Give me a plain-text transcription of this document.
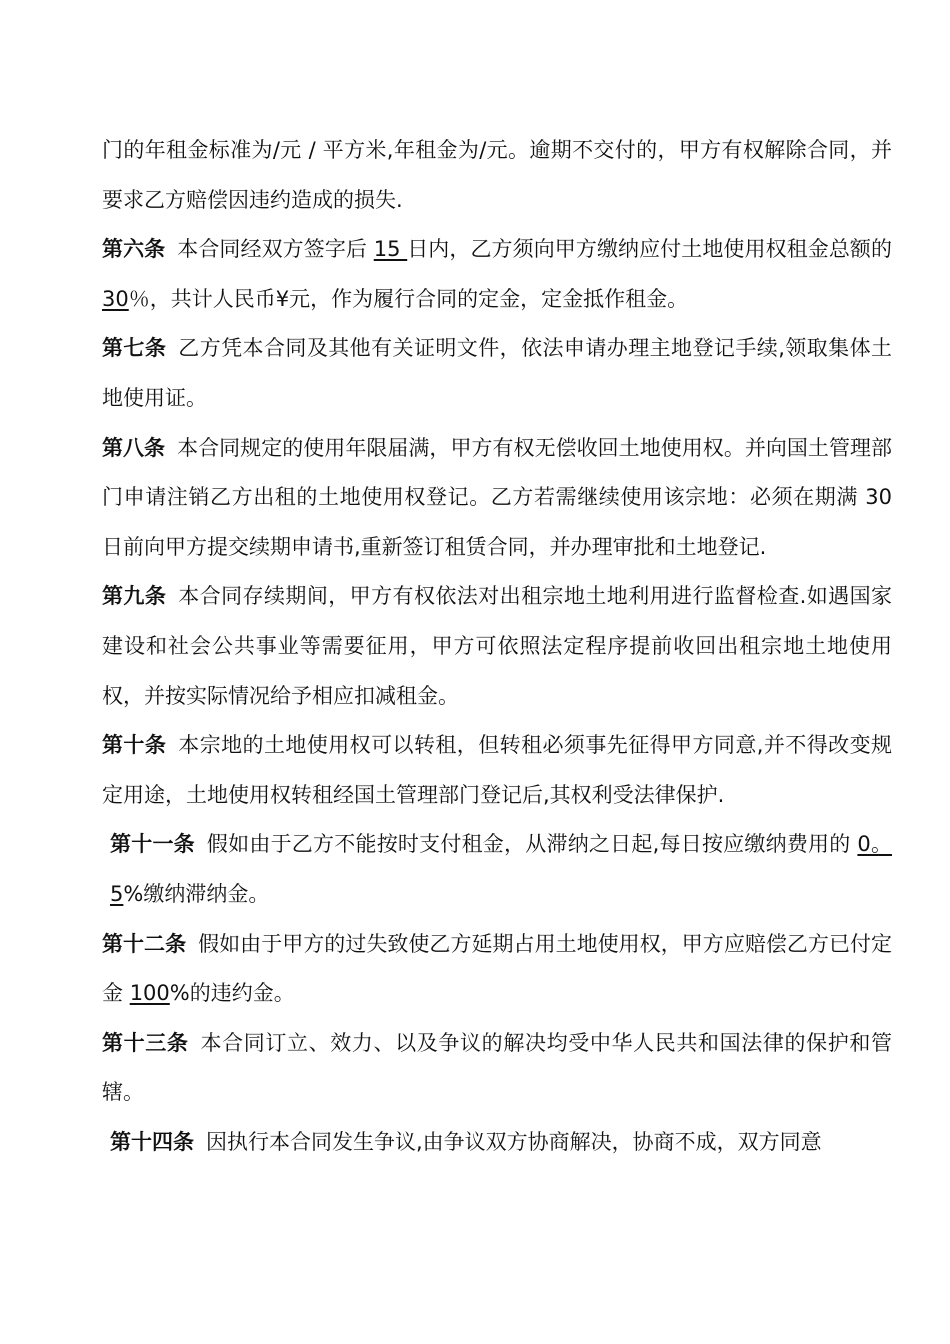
门的年租金标准为/元 / 平方米,年租金为/元。逾期不交付的，甲方有权解除合同，并要求乙方赔偿因违约造成的损失.

第六条 本合同经双方签字后 15 日内，乙方须向甲方缴纳应付土地使用权租金总额的 30％，共计人民币¥元，作为履行合同的定金，定金抵作租金。

第七条 乙方凭本合同及其他有关证明文件，依法申请办理主地登记手续,领取集体土地使用证。

第八条 本合同规定的使用年限届满，甲方有权无偿收回土地使用权。并向国土管理部门申请注销乙方出租的土地使用权登记。乙方若需继续使用该宗地：必须在期满 30 日前向甲方提交续期申请书,重新签订租赁合同，并办理审批和土地登记.

第九条 本合同存续期间，甲方有权依法对出租宗地土地利用进行监督检查.如遇国家建设和社会公共事业等需要征用，甲方可依照法定程序提前收回出租宗地土地使用权，并按实际情况给予相应扣减租金。

第十条 本宗地的土地使用权可以转租，但转租必须事先征得甲方同意,并不得改变规定用途，土地使用权转租经国土管理部门登记后,其权利受法律保护.

第十一条 假如由于乙方不能按时支付租金，从滞纳之日起,每日按应缴纳费用的 0。5%缴纳滞纳金。

第十二条 假如由于甲方的过失致使乙方延期占用土地使用权，甲方应赔偿乙方已付定金 100%的违约金。

第十三条 本合同订立、效力、以及争议的解决均受中华人民共和国法律的保护和管辖。

第十四条 因执行本合同发生争议,由争议双方协商解决，协商不成，双方同意
